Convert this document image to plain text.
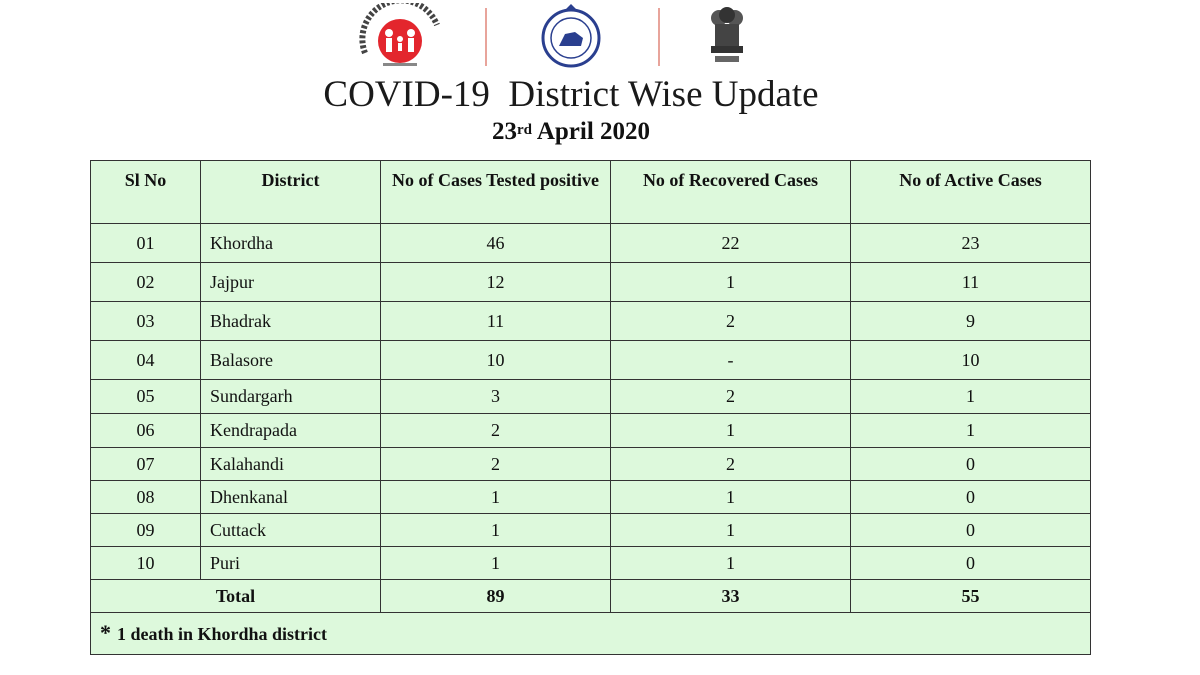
COVID-19  District Wise Update
23rd April 2020
Sl No	District	No of Cases Tested positive	No of Recovered Cases	No of Active Cases
01	Khordha	46	22	23
02	Jajpur	12	1	11
03	Bhadrak	11	2	9
04	Balasore	10	-	10
05	Sundargarh	3	2	1
06	Kendrapada	2	1	1
07	Kalahandi	2	2	0
08	Dhenkanal	1	1	0
09	Cuttack	1	1	0
10	Puri	1	1	0
Total		89	33	55
* 1 death in Khordha district				
